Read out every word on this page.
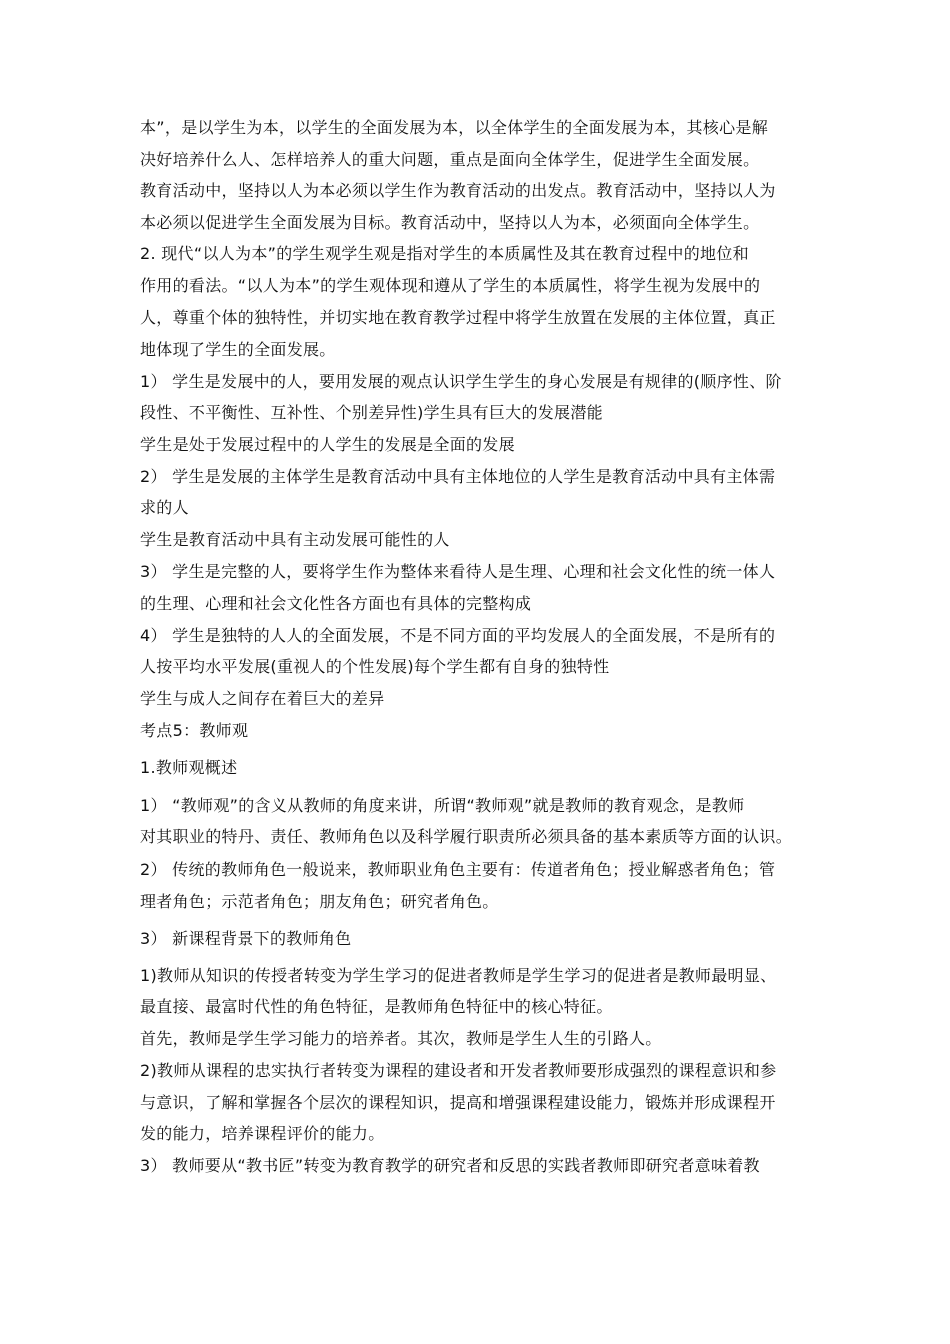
本”，是以学生为本，以学生的全面发展为本，以全体学生的全面发展为本，其核心是解
决好培养什么人、怎样培养人的重大问题，重点是面向全体学生，促进学生全面发展。
教育活动中，坚持以人为本必须以学生作为教育活动的出发点。教育活动中，坚持以人为
本必须以促进学生全面发展为目标。教育活动中，坚持以人为本，必须面向全体学生。
2. 现代“以人为本”的学生观学生观是指对学生的本质属性及其在教育过程中的地位和
作用的看法。“以人为本”的学生观体现和遵从了学生的本质属性，将学生视为发展中的
人，尊重个体的独特性，并切实地在教育教学过程中将学生放置在发展的主体位置，真正
地体现了学生的全面发展。
1） 学生是发展中的人，要用发展的观点认识学生学生的身心发展是有规律的(顺序性、阶
段性、不平衡性、互补性、个别差异性)学生具有巨大的发展潜能
学生是处于发展过程中的人学生的发展是全面的发展
2） 学生是发展的主体学生是教育活动中具有主体地位的人学生是教育活动中具有主体需
求的人
学生是教育活动中具有主动发展可能性的人
3） 学生是完整的人，要将学生作为整体来看待人是生理、心理和社会文化性的统一体人
的生理、心理和社会文化性各方面也有具体的完整构成
4） 学生是独特的人人的全面发展，不是不同方面的平均发展人的全面发展，不是所有的
人按平均水平发展(重视人的个性发展)每个学生都有自身的独特性
学生与成人之间存在着巨大的差异
考点5：教师观
1.教师观概述
1） “教师观”的含义从教师的角度来讲，所谓“教师观”就是教师的教育观念，是教师
对其职业的特丹、责任、教师角色以及科学履行职责所必须具备的基本素质等方面的认识。
2） 传统的教师角色一般说来，教师职业角色主要有：传道者角色；授业解惑者角色；管
理者角色；示范者角色；朋友角色；研究者角色。
3） 新课程背景下的教师角色
1)教师从知识的传授者转变为学生学习的促进者教师是学生学习的促进者是教师最明显、
最直接、最富时代性的角色特征，是教师角色特征中的核心特征。
首先，教师是学生学习能力的培养者。其次，教师是学生人生的引路人。
2)教师从课程的忠实执行者转变为课程的建设者和开发者教师要形成强烈的课程意识和参
与意识，了解和掌握各个层次的课程知识，提高和增强课程建设能力，锻炼并形成课程开
发的能力，培养课程评价的能力。
3） 教师要从“教书匠”转变为教育教学的研究者和反思的实践者教师即研究者意味着教
